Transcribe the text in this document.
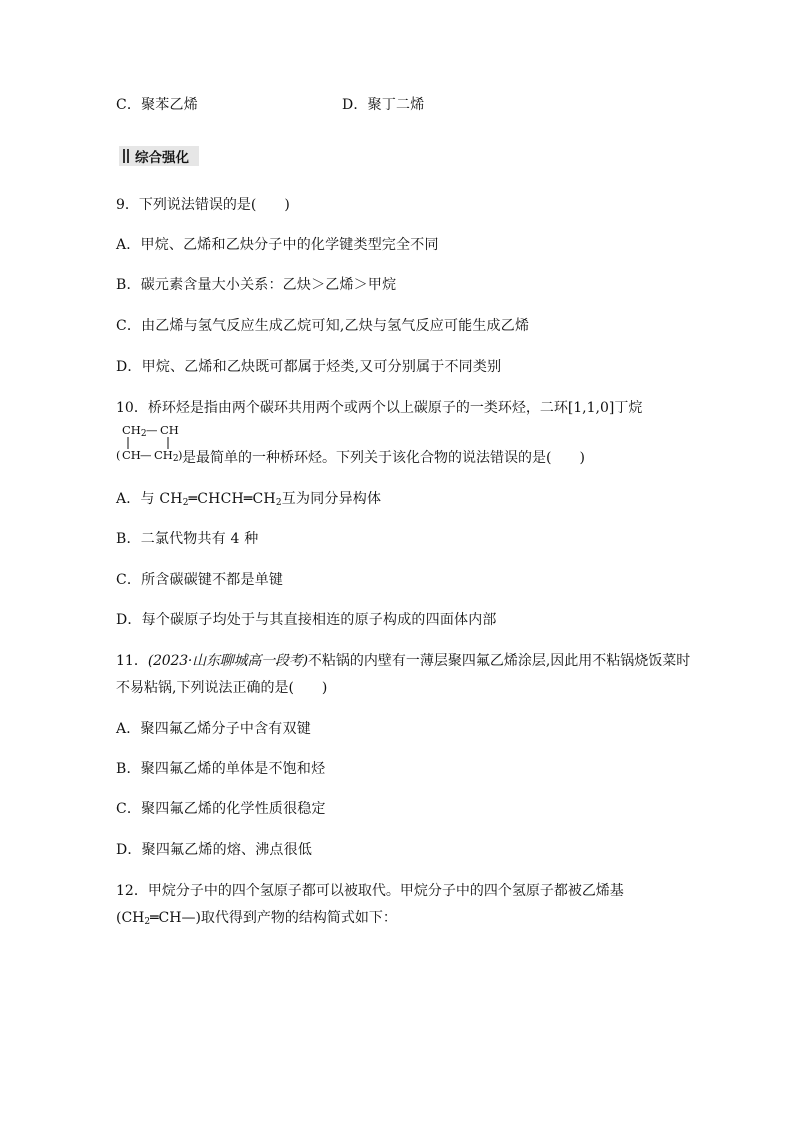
C．聚苯乙烯	D．聚丁二烯
综合强化
9．下列说法错误的是(　　)
A．甲烷、乙烯和乙炔分子中的化学键类型完全不同
B．碳元素含量大小关系：乙炔＞乙烯＞甲烷
C．由乙烯与氢气反应生成乙烷可知,乙炔与氢气反应可能生成乙烯
D．甲烷、乙烯和乙炔既可都属于烃类,又可分别属于不同类别
10．桥环烃是指由两个碳环共用两个或两个以上碳原子的一类环烃，二环[1,1,0]丁烷
$CH_2$ — CH
( CH — $CH_2$ ) 是最简单的一种桥环烃。下列关于该化合物的说法错误的是(　　)
A．与 $CH_2═CHCH═CH_2$互为同分异构体
B．二氯代物共有 4 种
C．所含碳碳键不都是单键
D．每个碳原子均处于与其直接相连的原子构成的四面体内部
11．(2023·山东聊城高一段考)不粘锅的内壁有一薄层聚四氟乙烯涂层,因此用不粘锅烧饭菜时
不易粘锅,下列说法正确的是(　　)
A．聚四氟乙烯分子中含有双键
B．聚四氟乙烯的单体是不饱和烃
C．聚四氟乙烯的化学性质很稳定
D．聚四氟乙烯的熔、沸点很低
12．甲烷分子中的四个氢原子都可以被取代。甲烷分子中的四个氢原子都被乙烯基
$(CH_2═CH—)$取代得到产物的结构简式如下：
